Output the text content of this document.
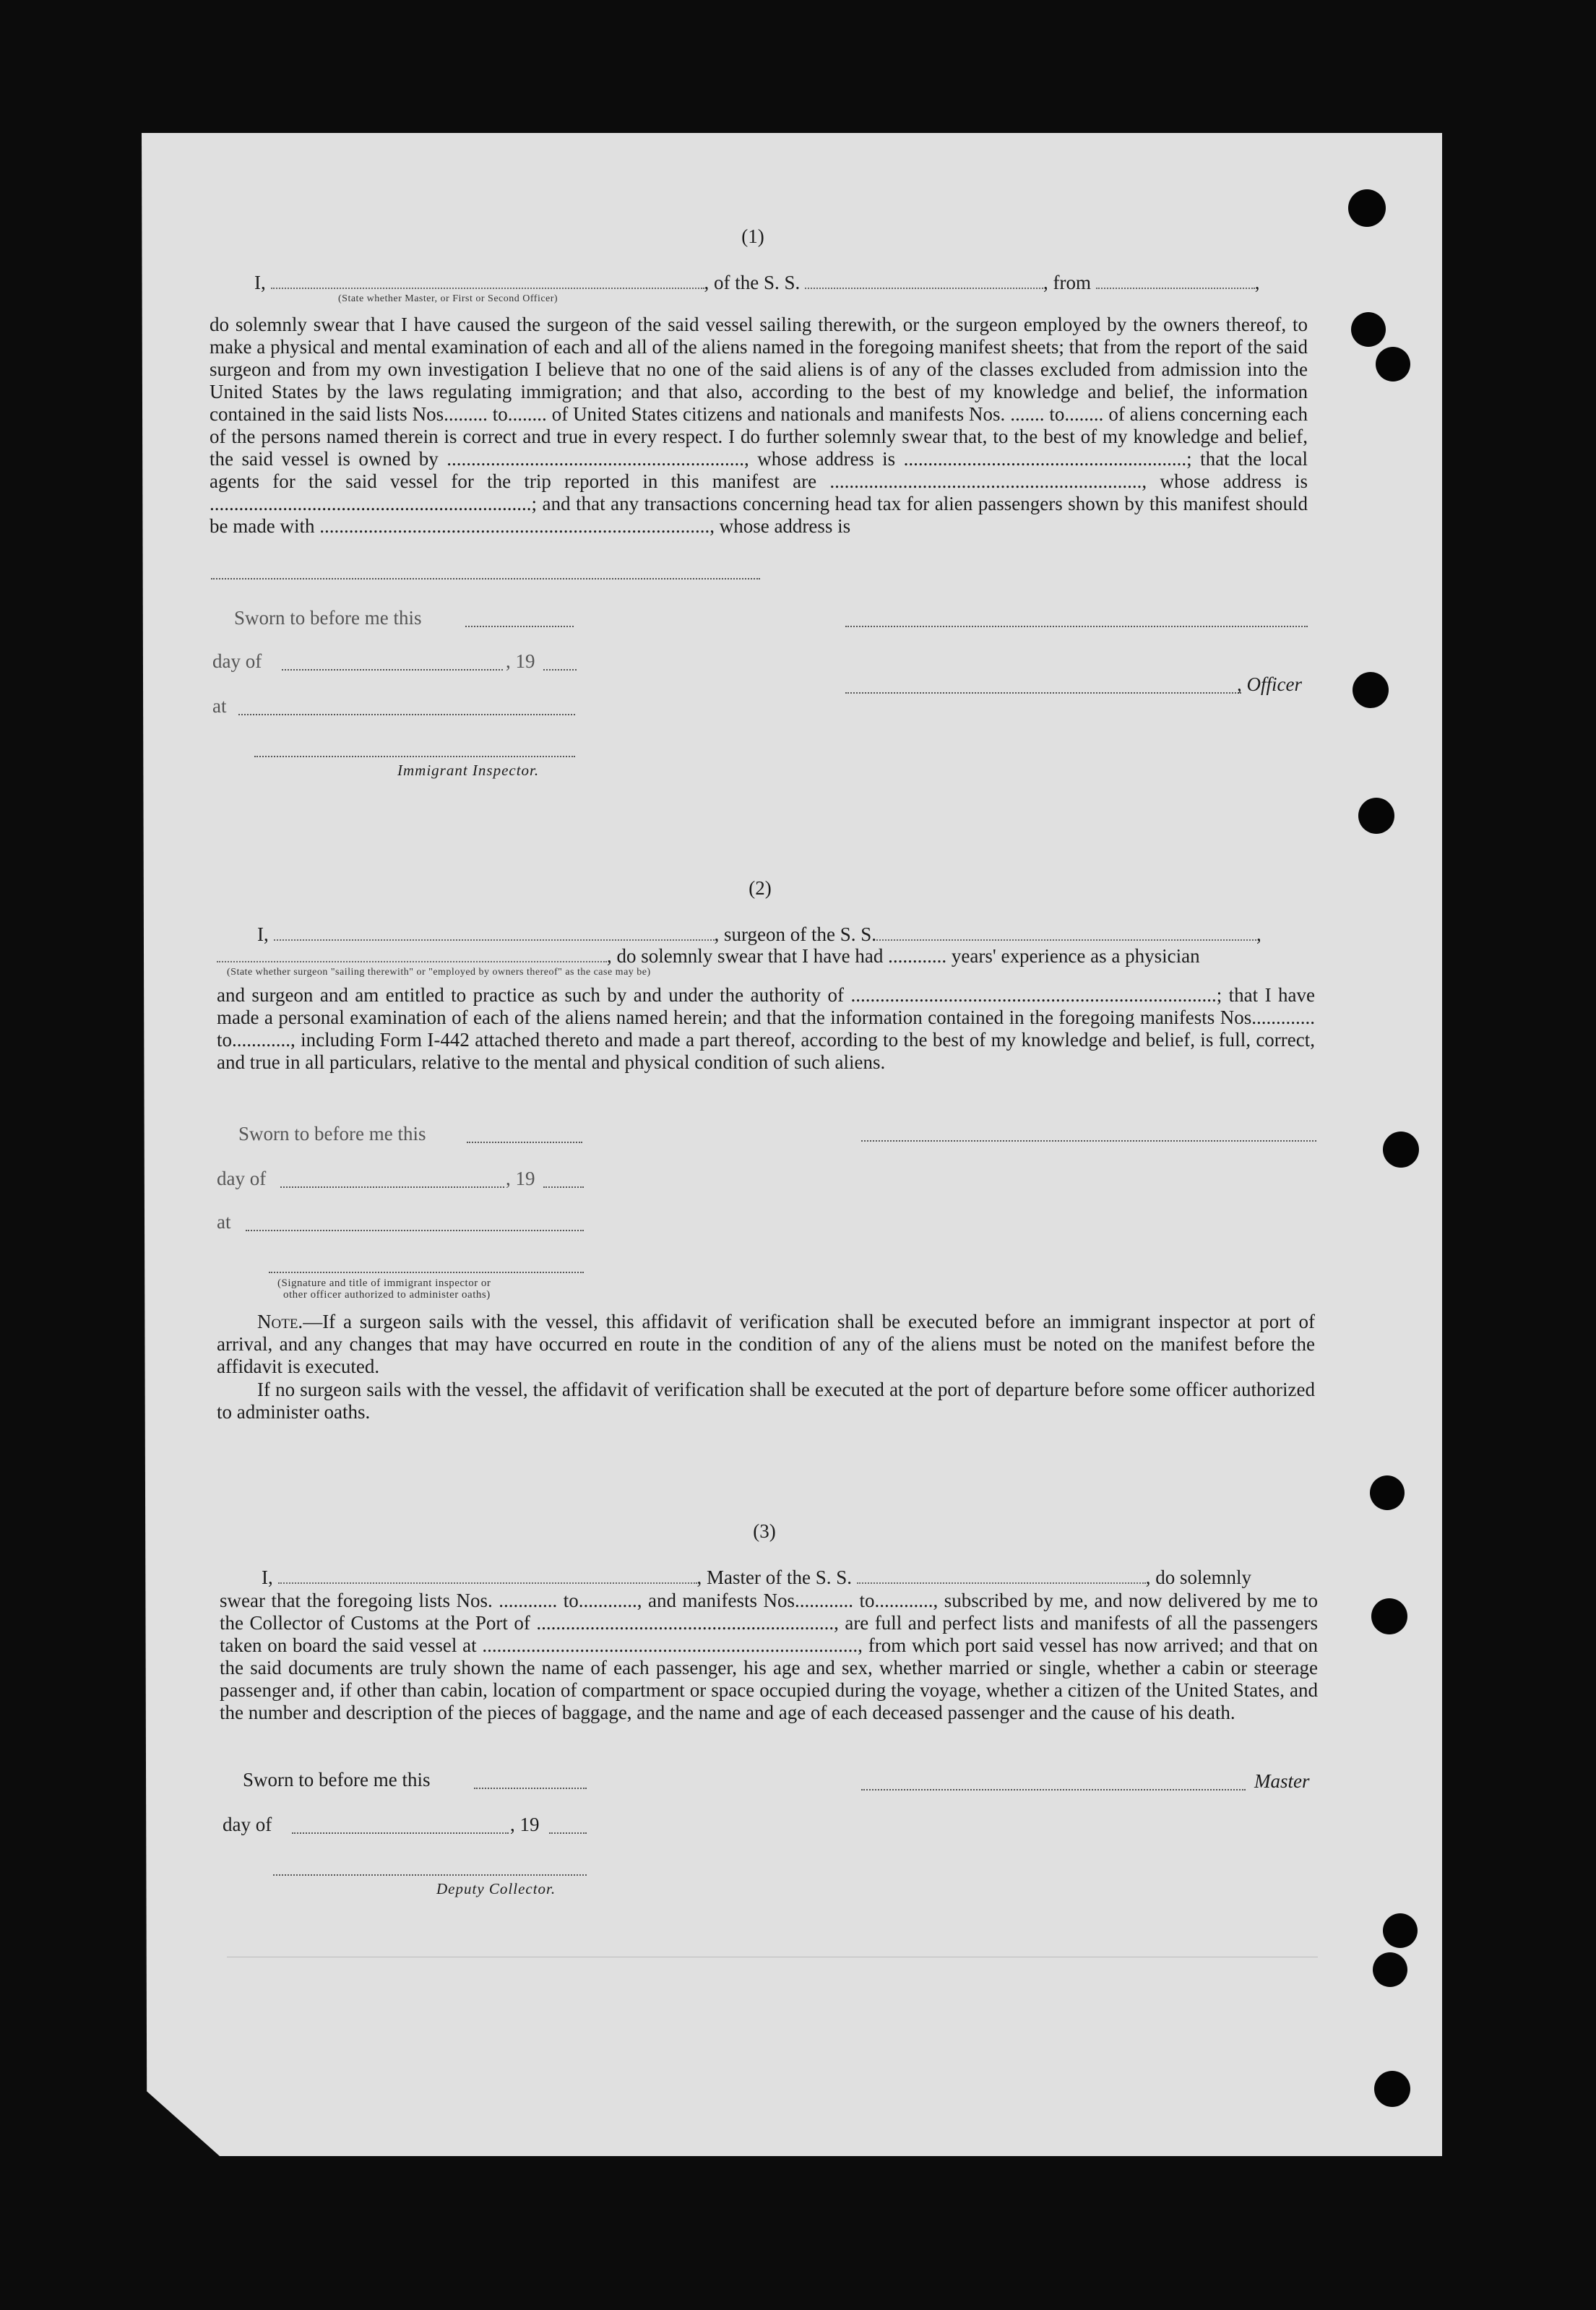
(1)
I,	, of the S. S.	, from	,
(State whether Master, or First or Second Officer)
do solemnly swear that I have caused the surgeon of the said vessel sailing therewith, or the surgeon employed by the owners thereof, to make a physical and mental examination of each and all of the aliens named in the foregoing manifest sheets; that from the report of the said surgeon and from my own investigation I believe that no one of the said aliens is of any of the classes excluded from admission into the United States by the laws regulating immigration; and that also, according to the best of my knowledge and belief, the information contained in the said lists Nos......... to........ of United States citizens and nationals and manifests Nos. ....... to........ of aliens concerning each of the persons named therein is correct and true in every respect. I do further solemnly swear that, to the best of my knowledge and belief, the said vessel is owned by ............................................................., whose address is ..........................................................; that the local agents for the said vessel for the trip reported in this manifest are ................................................................, whose address is ..................................................................; and that any transactions concerning head tax for alien passengers shown by this manifest should be made with ................................................................................, whose address is
Sworn to before me this
day of	, 19
, Officer
at
Immigrant Inspector.
(2)
I,	, surgeon of the S. S.	,
, do solemnly swear that I have had ............ years' experience as a physician
(State whether surgeon "sailing therewith" or "employed by owners thereof" as the case may be)
and surgeon and am entitled to practice as such by and under the authority of ...........................................................................; that I have made a personal examination of each of the aliens named herein; and that the information contained in the foregoing manifests Nos............. to............, including Form I-442 attached thereto and made a part thereof, according to the best of my knowledge and belief, is full, correct, and true in all particulars, relative to the mental and physical condition of such aliens.
Sworn to before me this
day of	, 19
at
(Signature and title of immigrant inspector or
other officer authorized to administer oaths)
Note.—If a surgeon sails with the vessel, this affidavit of verification shall be executed before an immigrant inspector at port of arrival, and any changes that may have occurred en route in the condition of any of the aliens must be noted on the manifest before the affidavit is executed.
If no surgeon sails with the vessel, the affidavit of verification shall be executed at the port of departure before some officer authorized to administer oaths.
(3)
I,	, Master of the S. S.	, do solemnly
swear that the foregoing lists Nos. ............ to............, and manifests Nos............ to............, subscribed by me, and now delivered by me to the Collector of Customs at the Port of ............................................................., are full and perfect lists and manifests of all the passengers taken on board the said vessel at ............................................................................., from which port said vessel has now arrived; and that on the said documents are truly shown the name of each passenger, his age and sex, whether married or single, whether a cabin or steerage passenger and, if other than cabin, location of compartment or space occupied during the voyage, whether a citizen of the United States, and the number and description of the pieces of baggage, and the name and age of each deceased passenger and the cause of his death.
Sworn to before me this	Master
day of	, 19
Deputy Collector.
